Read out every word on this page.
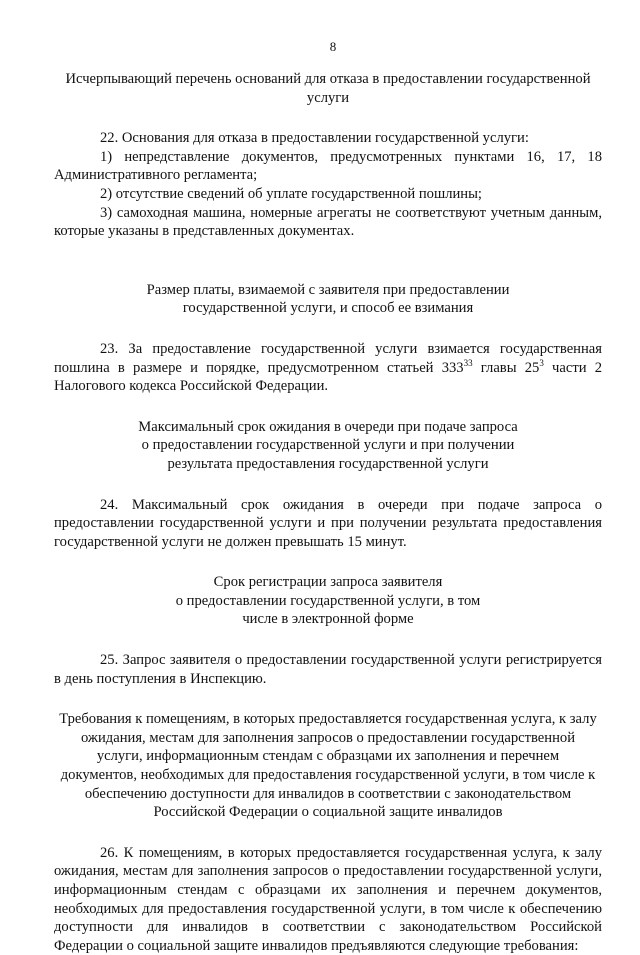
8

Исчерпывающий перечень оснований для отказа в предоставлении государственной услуги

22. Основания для отказа в предоставлении государственной услуги:

1) непредставление документов, предусмотренных пунктами 16, 17, 18 Административного регламента;

2) отсутствие сведений об уплате государственной пошлины;

3) самоходная машина, номерные агрегаты не соответствуют учетным данным, которые указаны в представленных документах.

Размер платы, взимаемой с заявителя при предоставлении

государственной услуги, и способ ее взимания

23. За предоставление государственной услуги взимается государственная пошлина в размере и порядке, предусмотренном статьей $333^{33}$ главы $25^3$ части 2 Налогового кодекса Российской Федерации.

Максимальный срок ожидания в очереди при подаче запроса

о предоставлении государственной услуги и при получении

результата предоставления государственной услуги

24. Максимальный срок ожидания в очереди при подаче запроса о предоставлении государственной услуги и при получении результата предоставления государственной услуги не должен превышать 15 минут.

Срок регистрации запроса заявителя

о предоставлении государственной услуги, в том

числе в электронной форме

25. Запрос заявителя о предоставлении государственной услуги регистрируется в день поступления в Инспекцию.

Требования к помещениям, в которых предоставляется государственная услуга, к залу ожидания, местам для заполнения запросов о предоставлении государственной услуги, информационным стендам с образцами их заполнения и перечнем документов, необходимых для предоставления государственной услуги, в том числе к обеспечению доступности для инвалидов в соответствии с законодательством Российской Федерации о социальной защите инвалидов

26. К помещениям, в которых предоставляется государственная услуга, к залу ожидания, местам для заполнения запросов о предоставлении государственной услуги, информационным стендам с образцами их заполнения и перечнем документов, необходимых для предоставления государственной услуги, в том числе к обеспечению доступности для инвалидов в соответствии с законодательством Российской Федерации о социальной защите инвалидов предъявляются следующие требования:
